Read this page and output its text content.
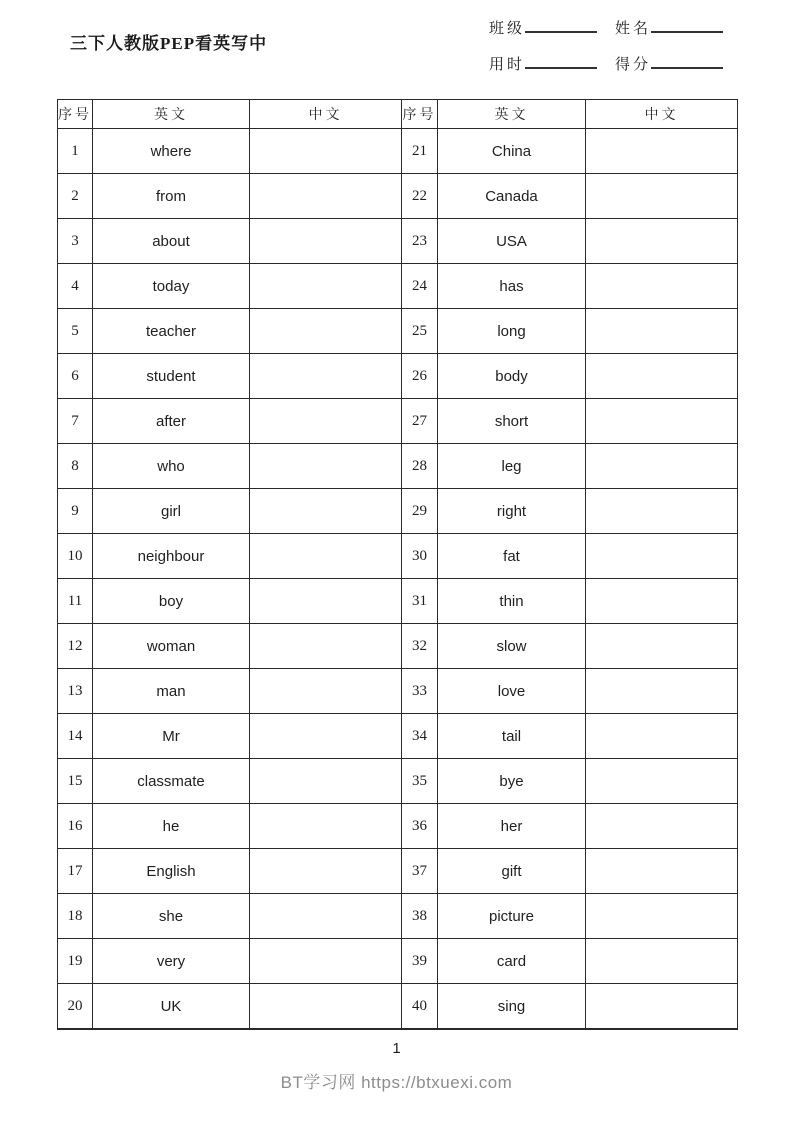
三下人教版PEP看英写中
班级	姓名
用时	得分
序号	英文	中文	序号	英文	中文
1	where		21	China	
2	from		22	Canada	
3	about		23	USA	
4	today		24	has	
5	teacher		25	long	
6	student		26	body	
7	after		27	short	
8	who		28	leg	
9	girl		29	right	
10	neighbour		30	fat	
11	boy		31	thin	
12	woman		32	slow	
13	man		33	love	
14	Mr		34	tail	
15	classmate		35	bye	
16	he		36	her	
17	English		37	gift	
18	she		38	picture	
19	very		39	card	
20	UK		40	sing	
1
BT学习网 https://btxuexi.com
